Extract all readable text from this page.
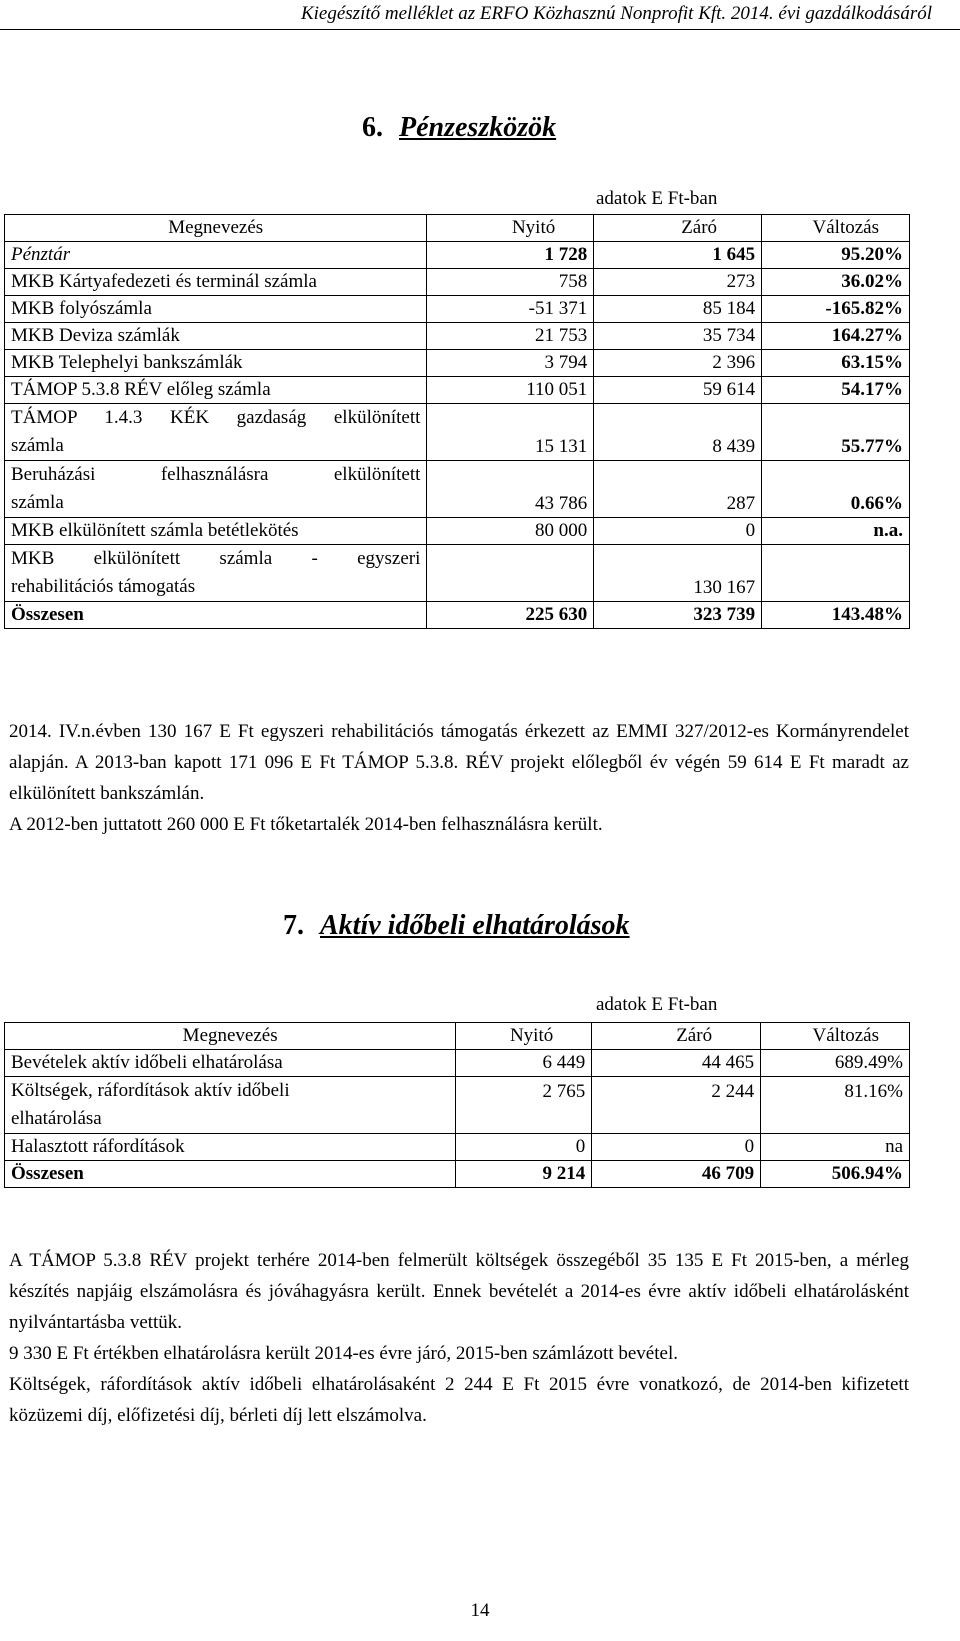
Kiegészítő melléklet az ERFO Közhasznú Nonprofit Kft. 2014. évi gazdálkodásáról
6. Pénzeszközök
adatok E Ft-ban
Megnevezés	Nyitó	Záró	Változás
Pénztár	1 728	1 645	95.20%
MKB Kártyafedezeti és terminál számla	758	273	36.02%
MKB folyószámla	-51 371	85 184	-165.82%
MKB Deviza számlák	21 753	35 734	164.27%
MKB Telephelyi bankszámlák	3 794	2 396	63.15%
TÁMOP 5.3.8 RÉV előleg számla	110 051	59 614	54.17%

TÁMOP 1.4.3 KÉK gazdaság elkülönített
számla	15 131	8 439	55.77%

Beruházási felhasználásra elkülönített
számla	43 786	287	0.66%
MKB elkülönített számla betétlekötés	80 000	0	n.a.

MKB elkülönített számla - egyszeri
rehabilitációs támogatás		130 167	
Összesen	225 630	323 739	143.48%

2014. IV.n.évben 130 167 E Ft egyszeri rehabilitációs támogatás érkezett az EMMI 327/2012-es Kormányrendelet alapján. A 2013-ban kapott 171 096 E Ft TÁMOP 5.3.8. RÉV projekt előlegből év végén 59 614 E Ft maradt az elkülönített bankszámlán.

A 2012-ben juttatott 260 000 E Ft tőketartalék 2014-ben felhasználásra került.

7. Aktív időbeli elhatárolások
adatok E Ft-ban
Megnevezés	Nyitó	Záró	Változás
Bevételek aktív időbeli elhatárolása	6 449	44 465	689.49%

Költségek, ráfordítások aktív időbeli
elhatárolása	2 765	2 244	81.16%
Halasztott ráfordítások	0	0	na
Összesen	9 214	46 709	506.94%

A TÁMOP 5.3.8 RÉV projekt terhére 2014-ben felmerült költségek összegéből 35 135 E Ft 2015-ben, a mérleg készítés napjáig elszámolásra és jóváhagyásra került. Ennek bevételét a 2014-es évre aktív időbeli elhatárolásként nyilvántartásba vettük.

9 330 E Ft értékben elhatárolásra került 2014-es évre járó, 2015-ben számlázott bevétel.

Költségek, ráfordítások aktív időbeli elhatárolásaként 2 244 E Ft 2015 évre vonatkozó, de 2014-ben kifizetett közüzemi díj, előfizetési díj, bérleti díj lett elszámolva.

14
